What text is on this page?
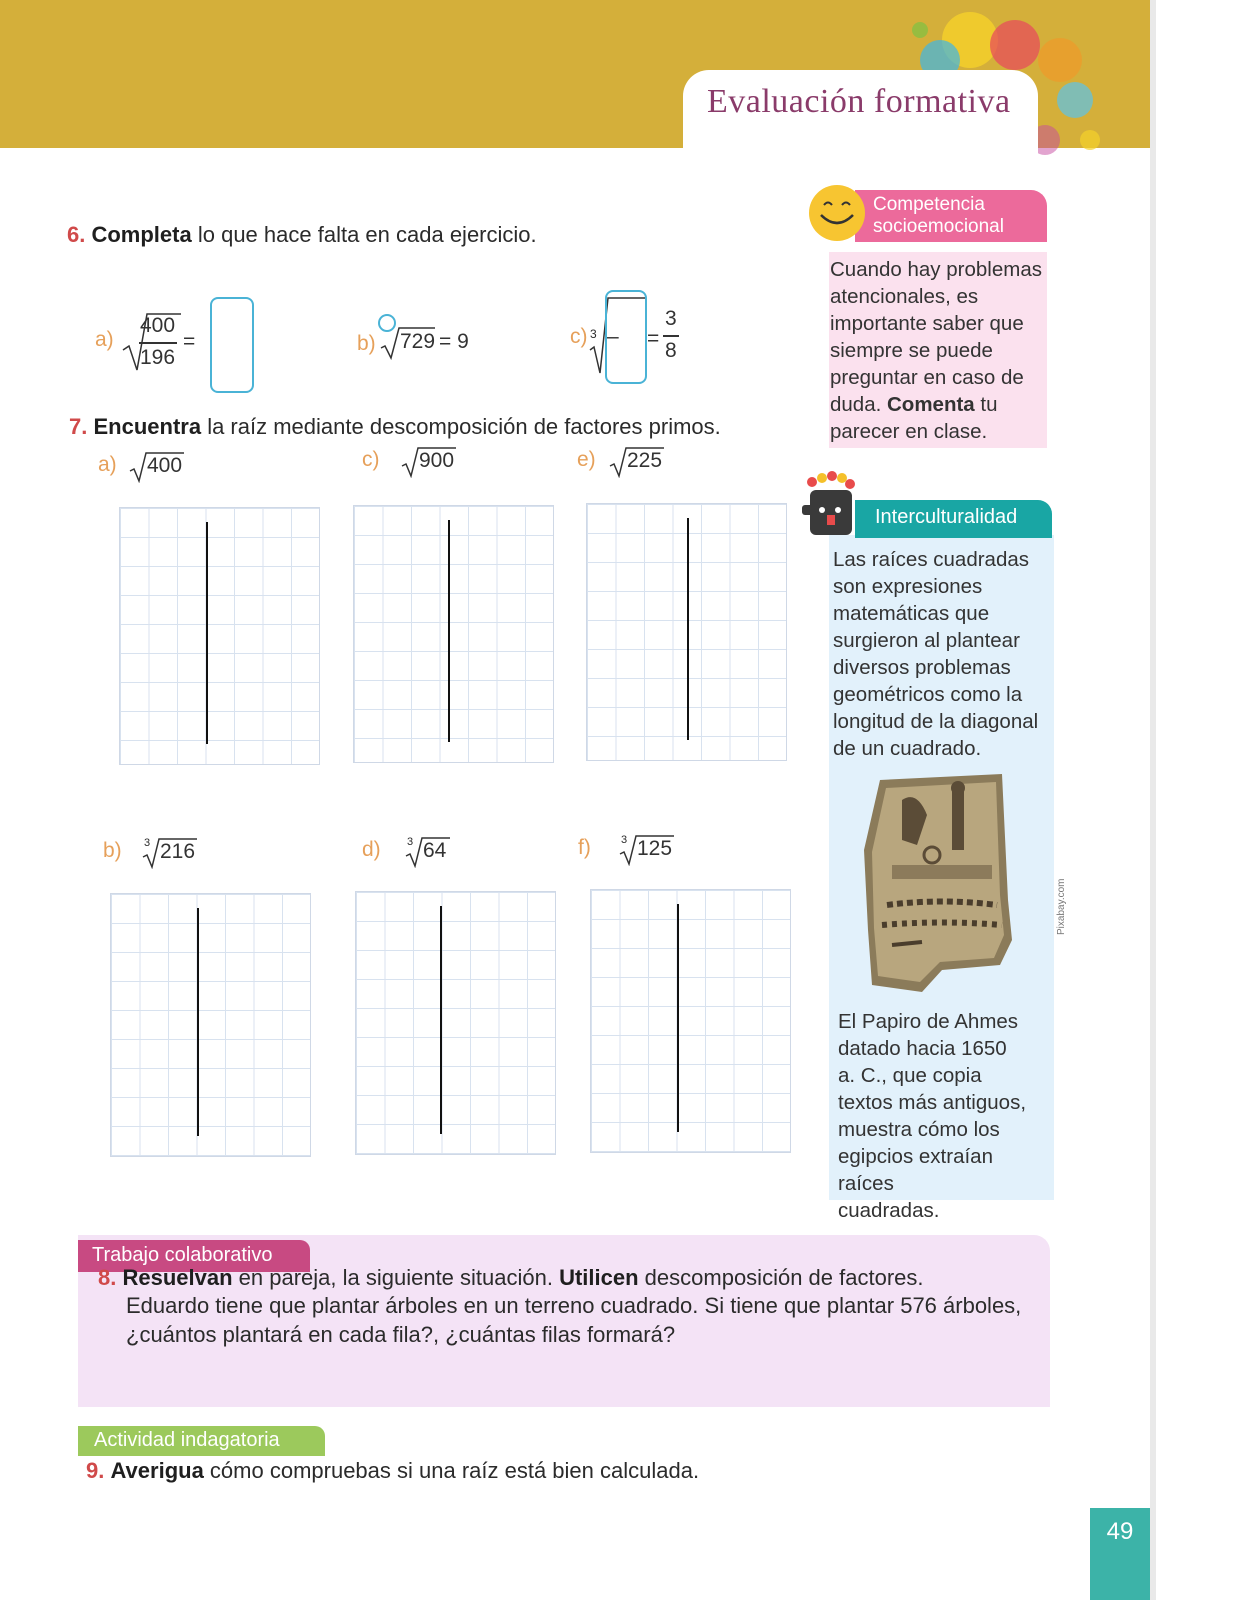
Evaluación formativa
6. Completa lo que hace falta en cada ejercicio.
a)
400
196
=	b) 729 = 9	c) 3 – =
3
8
7. Encuentra la raíz mediante descomposición de factores primos.
a) 400	c) 900	e) 225
b) 3 216	d) 3 64	f)	3 125
Competencia
socioemocional
Cuando hay problemas
atencionales, es
importante saber que
siempre se puede
preguntar en caso de
duda. Comenta tu
parecer en clase.
Interculturalidad
Las raíces cuadradas
son expresiones
matemáticas que
surgieron al plantear
diversos problemas
geométricos como la
longitud de la diagonal
de un cuadrado.
Pixabay.com
El Papiro de Ahmes
datado hacia 1650
a. C., que copia
textos más antiguos,
muestra cómo los
egipcios extraían raíces
cuadradas.
Trabajo colaborativo
8. Resuelvan en pareja, la siguiente situación. Utilicen descomposición de factores.
Eduardo tiene que plantar árboles en un terreno cuadrado. Si tiene que plantar 576 árboles,
¿cuántos plantará en cada fila?, ¿cuántas filas formará?
Actividad indagatoria
9. Averigua cómo compruebas si una raíz está bien calculada.
49
